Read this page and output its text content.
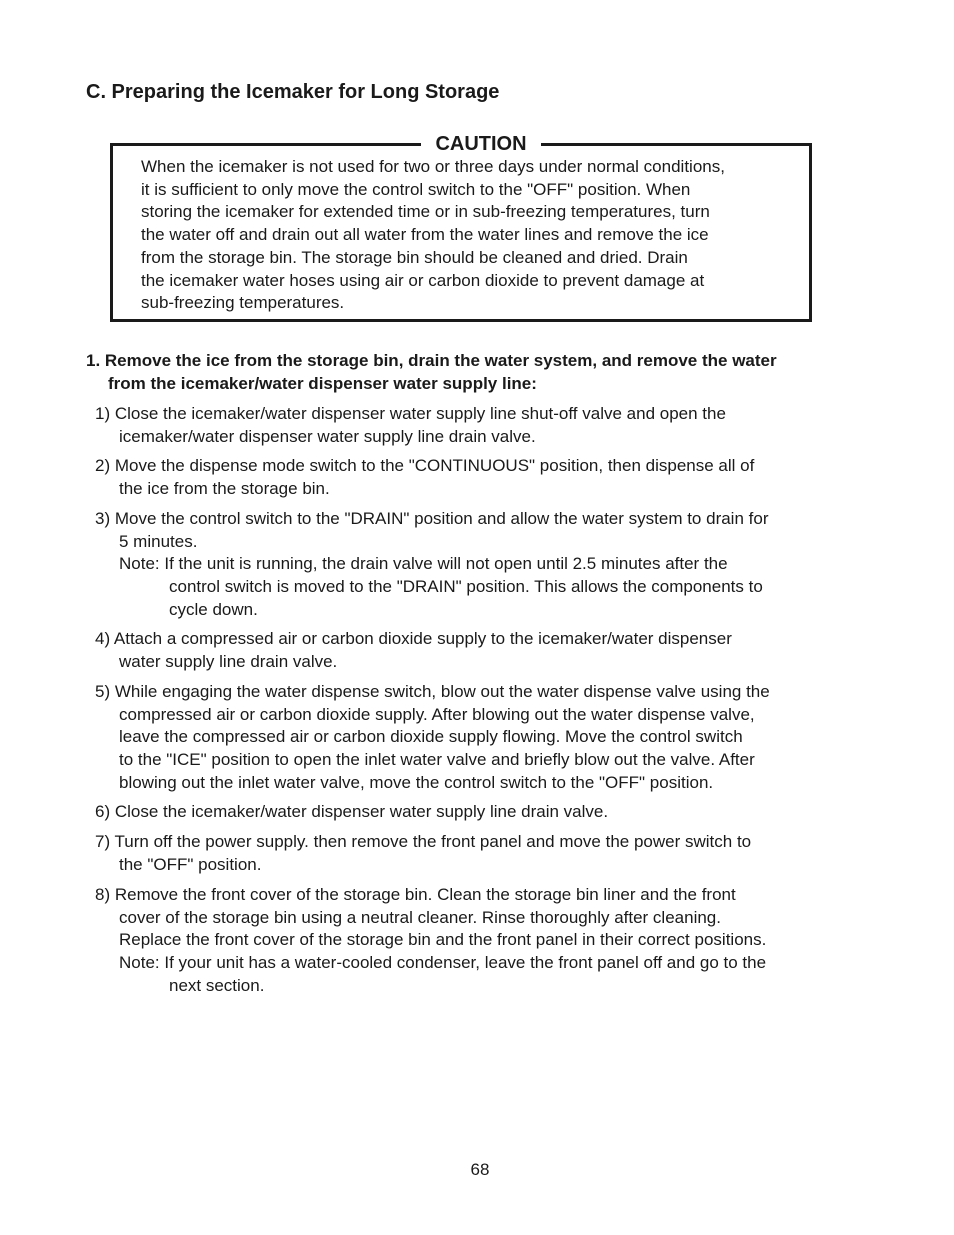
C. Preparing the Icemaker for Long Storage
CAUTION

When the icemaker is not used for two or three days under normal conditions,
it is sufficient to only move the control switch to the "OFF" position. When
storing the icemaker for extended time or in sub-freezing temperatures, turn
the water off and drain out all water from the water lines and remove the ice
from the storage bin. The storage bin should be cleaned and dried. Drain
the icemaker water hoses using air or carbon dioxide to prevent damage at
sub-freezing temperatures.

1. Remove the ice from the storage bin, drain the water system, and remove the water
from the icemaker/water dispenser water supply line:

1) Close the icemaker/water dispenser water supply line shut-off valve and open the
icemaker/water dispenser water supply line drain valve.

2) Move the dispense mode switch to the "CONTINUOUS" position, then dispense all of
the ice from the storage bin.

3) Move the control switch to the "DRAIN" position and allow the water system to drain for
5 minutes.
Note: If the unit is running, the drain valve will not open until 2.5 minutes after the
control switch is moved to the "DRAIN" position. This allows the components to
cycle down.

4) Attach a compressed air or carbon dioxide supply to the icemaker/water dispenser
water supply line drain valve.

5) While engaging the water dispense switch, blow out the water dispense valve using the
compressed air or carbon dioxide supply. After blowing out the water dispense valve,
leave the compressed air or carbon dioxide supply flowing. Move the control switch
to the "ICE" position to open the inlet water valve and briefly blow out the valve. After
blowing out the inlet water valve, move the control switch to the "OFF" position.

6) Close the icemaker/water dispenser water supply line drain valve.

7) Turn off the power supply. then remove the front panel and move the power switch to
the "OFF" position.

8) Remove the front cover of the storage bin. Clean the storage bin liner and the front
cover of the storage bin using a neutral cleaner. Rinse thoroughly after cleaning.
Replace the front cover of the storage bin and the front panel in their correct positions.
Note: If your unit has a water-cooled condenser, leave the front panel off and go to the
next section.

68
